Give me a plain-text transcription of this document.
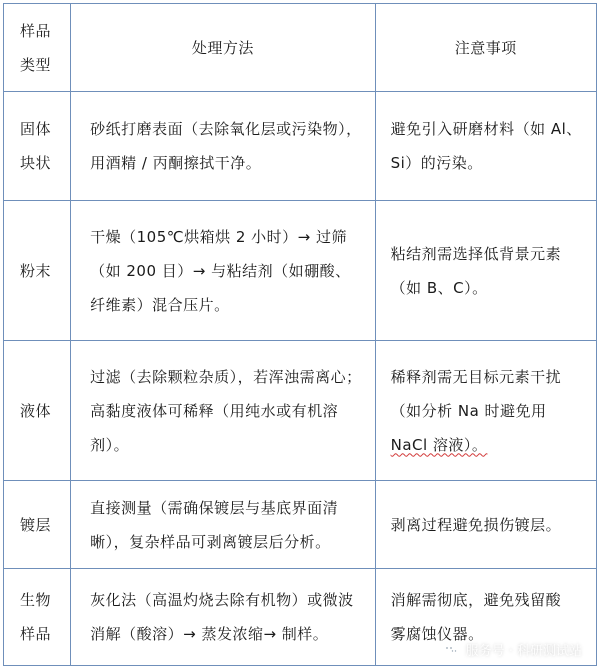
样品
类型	处理方法	注意事项

固体
块状	砂纸打磨表面（去除氧化层或污染物），
用酒精 / 丙酮擦拭干净。	避免引入研磨材料（如 Al、
Si）的污染。

粉末	干燥（105℃烘箱烘 2 小时）→ 过筛
（如 200 目）→ 与粘结剂（如硼酸、
纤维素）混合压片。	粘结剂需选择低背景元素
（如 B、C）。

液体	过滤（去除颗粒杂质），若浑浊需离心；
高黏度液体可稀释（用纯水或有机溶
剂）。	稀释剂需无目标元素干扰
（如分析 Na 时避免用
NaCl 溶液）。

镀层	直接测量（需确保镀层与基底界面清
晰），复杂样品可剥离镀层后分析。	剥离过程避免损伤镀层。

生物
样品	灰化法（高温灼烧去除有机物）或微波
消解（酸溶）→ 蒸发浓缩→ 制样。	消解需彻底，避免残留酸
雾腐蚀仪器。
服务号 · 科研测试站
